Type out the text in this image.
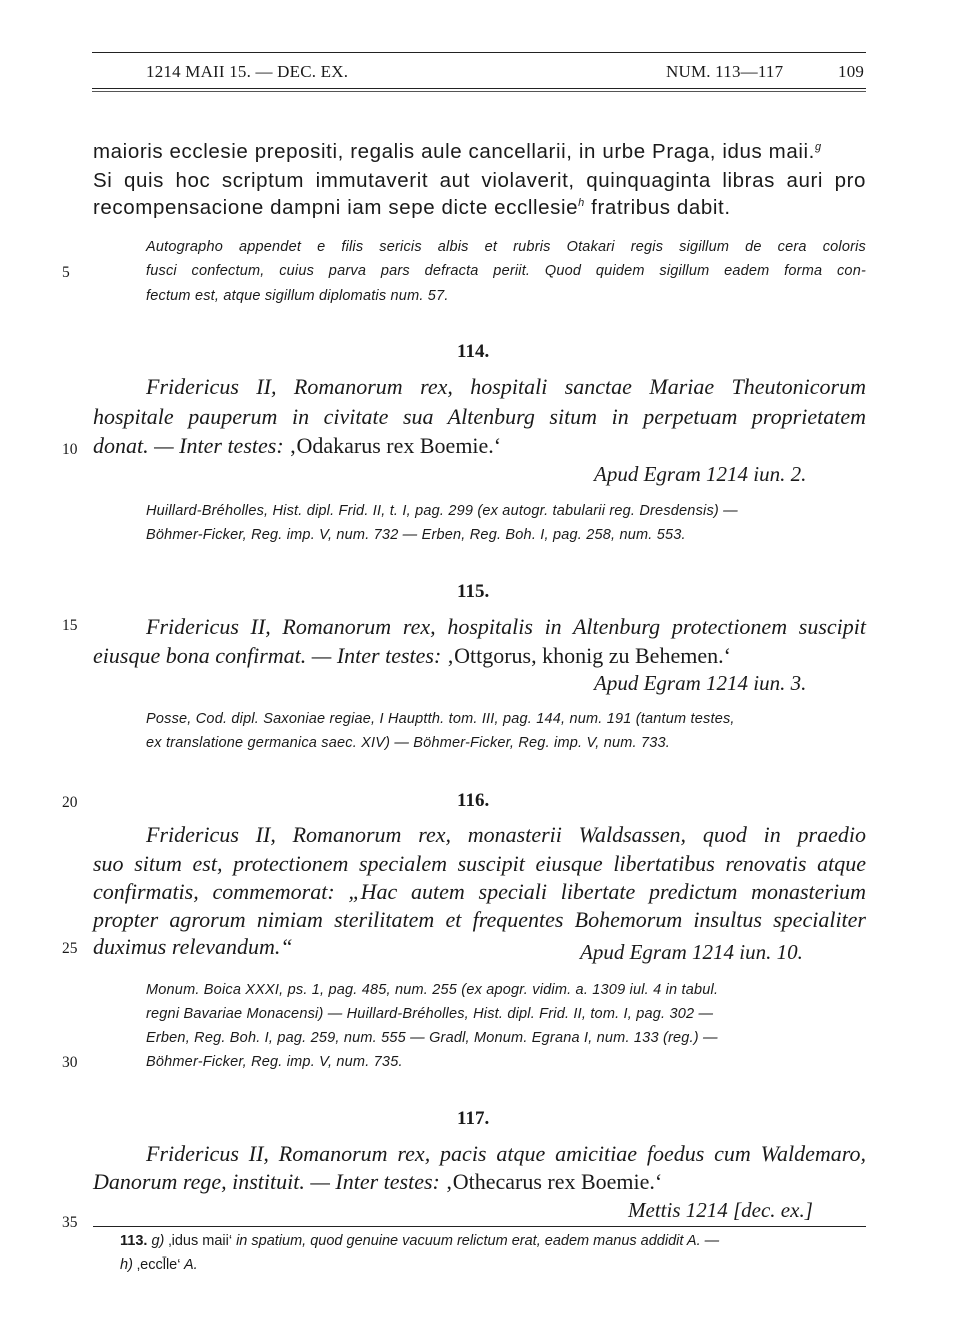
1214 MAII 15. — DEC. EX.	NUM. 113—117	109
maioris ecclesie prepositi, regalis aule cancellarii, in urbe Praga, idus maii.$^g$
Si quis hoc scriptum immutaverit aut violaverit, quinquaginta libras auri pro
recompensacione dampni iam sepe dicte eccllesie$^h$ fratribus dabit.
Autographo appendet e filis sericis albis et rubris Otakari regis sigillum de cera coloris
fusci confectum, cuius parva pars defracta periit. Quod quidem sigillum eadem forma con-
fectum est, atque sigillum diplomatis num. 57.
5
10
15
20
25
30
35
114.
Fridericus II, Romanorum rex, hospitali sanctae Mariae Theutonicorum
hospitale pauperum in civitate sua Altenburg situm in perpetuam proprietatem
donat. — Inter testes: ‚Odakarus rex Boemie.‘
Apud Egram 1214 iun. 2.
Huillard-Bréholles, Hist. dipl. Frid. II, t. I, pag. 299 (ex autogr. tabularii reg. Dresdensis) —
Böhmer-Ficker, Reg. imp. V, num. 732 — Erben, Reg. Boh. I, pag. 258, num. 553.
115.
Fridericus II, Romanorum rex, hospitalis in Altenburg protectionem suscipit
eiusque bona confirmat. — Inter testes: ‚Ottgorus, khonig zu Behemen.‘
Apud Egram 1214 iun. 3.
Posse, Cod. dipl. Saxoniae regiae, I Hauptth. tom. III, pag. 144, num. 191 (tantum testes,
ex translatione germanica saec. XIV) — Böhmer-Ficker, Reg. imp. V, num. 733.
116.
Fridericus II, Romanorum rex, monasterii Waldsassen, quod in praedio
suo situm est, protectionem specialem suscipit eiusque libertatibus renovatis atque
confirmatis, commemorat: „Hac autem speciali libertate predictum monasterium
propter agrorum nimiam sterilitatem et frequentes Bohemorum insultus specialiter
duximus relevandum.“	Apud Egram 1214 iun. 10.
Monum. Boica XXXI, ps. 1, pag. 485, num. 255 (ex apogr. vidim. a. 1309 iul. 4 in tabul.
regni Bavariae Monacensi) — Huillard-Bréholles, Hist. dipl. Frid. II, tom. I, pag. 302 —
Erben, Reg. Boh. I, pag. 259, num. 555 — Gradl, Monum. Egrana I, num. 133 (reg.) —
Böhmer-Ficker, Reg. imp. V, num. 735.
117.
Fridericus II, Romanorum rex, pacis atque amicitiae foedus cum Waldemaro,
Danorum rege, instituit. — Inter testes: ‚Othecarus rex Boemie.‘
Mettis 1214 [dec. ex.]
113. g) ‚idus maii‘ in spatium, quod genuine vacuum relictum erat, eadem manus addidit A. —
h) ‚eccl̄le‘ A.
